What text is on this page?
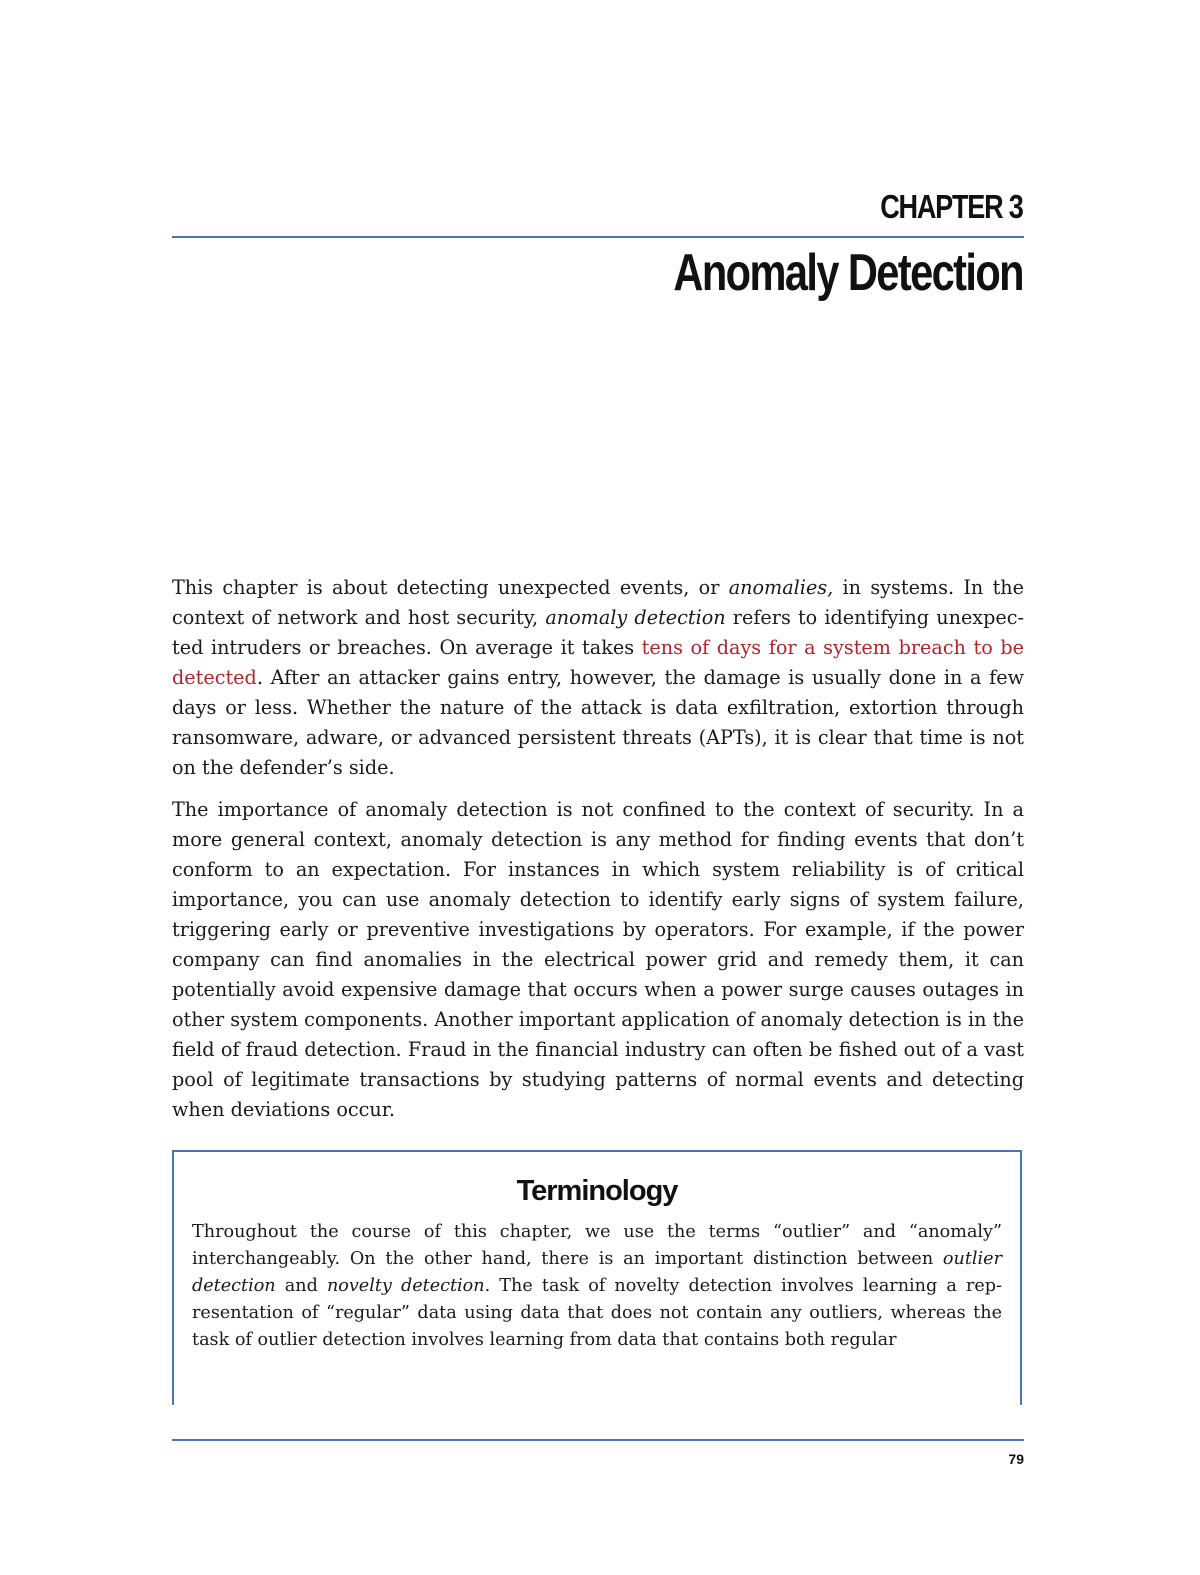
CHAPTER 3
Anomaly Detection

This chapter is about detecting unexpected events, or anomalies, in systems. In the context of network and host security, anomaly detection refers to identifying unexpected intruders or breaches. On average it takes tens of days for a system breach to be detected. After an attacker gains entry, however, the damage is usually done in a few days or less. Whether the nature of the attack is data exfiltration, extortion through ransomware, adware, or advanced persistent threats (APTs), it is clear that time is not on the defender’s side.

The importance of anomaly detection is not confined to the context of security. In a more general context, anomaly detection is any method for finding events that don’t conform to an expectation. For instances in which system reliability is of critical importance, you can use anomaly detection to identify early signs of system failure, triggering early or preventive investigations by operators. For example, if the power company can find anomalies in the electrical power grid and remedy them, it can potentially avoid expensive damage that occurs when a power surge causes outages in other system components. Another important application of anomaly detection is in the field of fraud detection. Fraud in the financial industry can often be fished out of a vast pool of legitimate transactions by studying patterns of normal events and detecting when deviations occur.

Terminology

Throughout the course of this chapter, we use the terms “outlier” and “anomaly” interchangeably. On the other hand, there is an important distinction between outlier detection and novelty detection. The task of novelty detection involves learning a representation of “regular” data using data that does not contain any outliers, whereas the task of outlier detection involves learning from data that contains both regular

79
